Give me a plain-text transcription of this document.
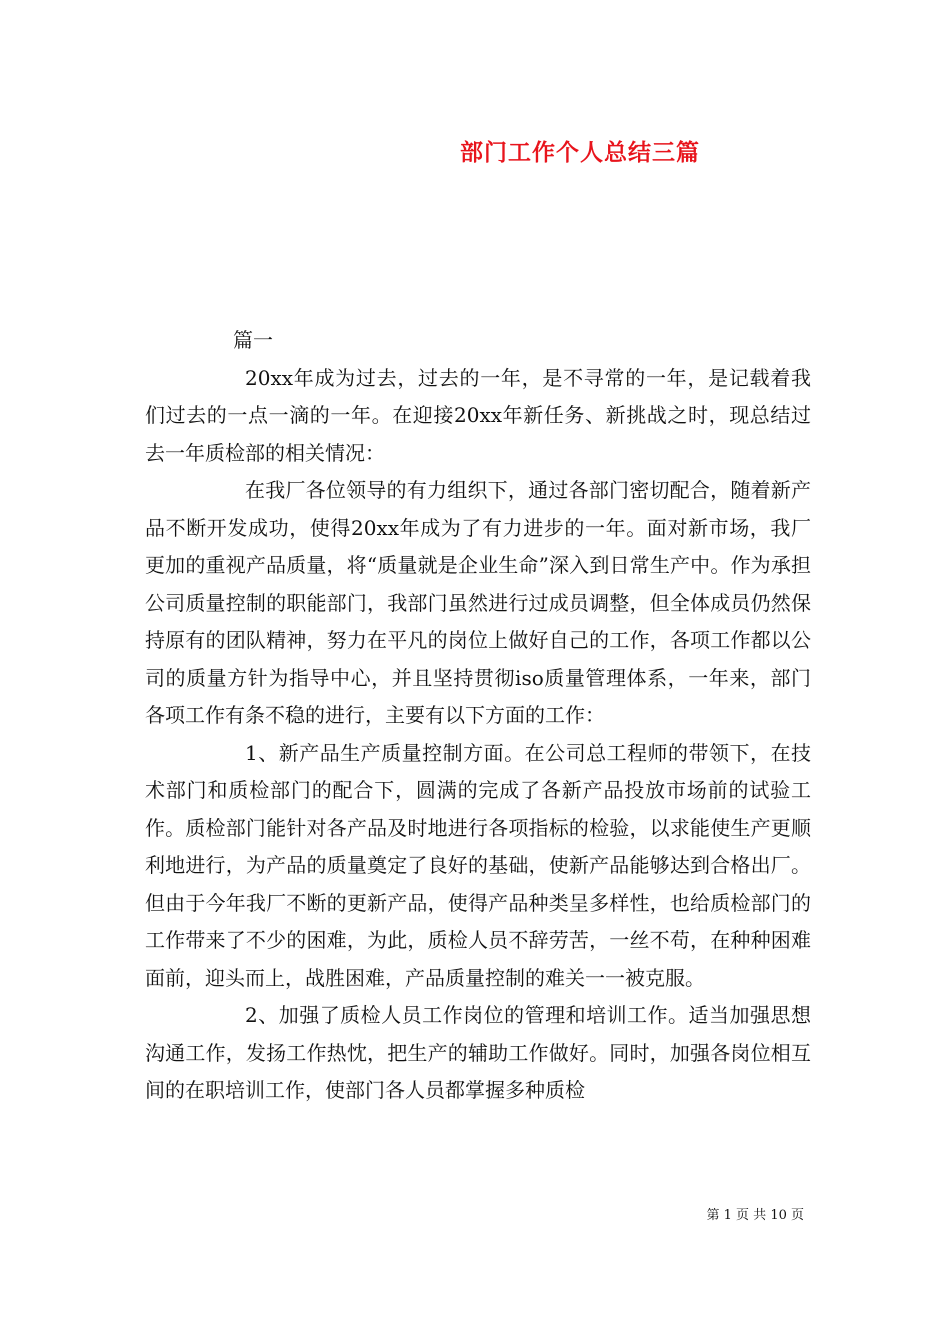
部门工作个人总结三篇
篇一

20xx年成为过去，过去的一年，是不寻常的一年，是记载着我们过去的一点一滴的一年。在迎接20xx年新任务、新挑战之时，现总结过去一年质检部的相关情况：

在我厂各位领导的有力组织下，通过各部门密切配合，随着新产品不断开发成功，使得20xx年成为了有力进步的一年。面对新市场，我厂更加的重视产品质量，将“质量就是企业生命”深入到日常生产中。作为承担公司质量控制的职能部门，我部门虽然进行过成员调整，但全体成员仍然保持原有的团队精神，努力在平凡的岗位上做好自己的工作，各项工作都以公司的质量方针为指导中心，并且坚持贯彻iso质量管理体系，一年来，部门各项工作有条不稳的进行，主要有以下方面的工作：

1、新产品生产质量控制方面。在公司总工程师的带领下，在技术部门和质检部门的配合下，圆满的完成了各新产品投放市场前的试验工作。质检部门能针对各产品及时地进行各项指标的检验，以求能使生产更顺利地进行，为产品的质量奠定了良好的基础，使新产品能够达到合格出厂。但由于今年我厂不断的更新产品，使得产品种类呈多样性，也给质检部门的工作带来了不少的困难，为此，质检人员不辞劳苦，一丝不苟，在种种困难面前，迎头而上，战胜困难，产品质量控制的难关一一被克服。

2、加强了质检人员工作岗位的管理和培训工作。适当加强思想沟通工作，发扬工作热忱，把生产的辅助工作做好。同时，加强各岗位相互间的在职培训工作，使部门各人员都掌握多种质检

第 1 页 共 10 页
